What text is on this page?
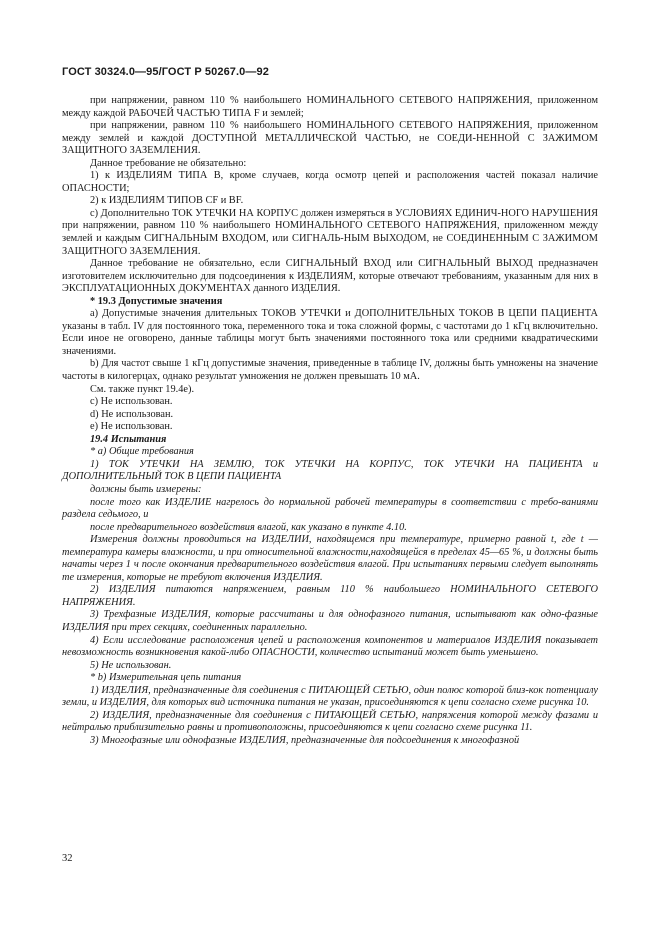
ГОСТ 30324.0—95/ГОСТ Р 50267.0—92

при напряжении, равном 110 % наибольшего НОМИНАЛЬНОГО СЕТЕВОГО НАПРЯЖЕНИЯ, приложенном между каждой РАБОЧЕЙ ЧАСТЬЮ ТИПА F и землей;

при напряжении, равном 110 % наибольшего НОМИНАЛЬНОГО СЕТЕВОГО НАПРЯЖЕНИЯ, приложенном между землей и каждой ДОСТУПНОЙ МЕТАЛЛИЧЕСКОЙ ЧАСТЬЮ, не СОЕДИ-НЕННОЙ С ЗАЖИМОМ ЗАЩИТНОГО ЗАЗЕМЛЕНИЯ.

Данное требование не обязательно:

1) к ИЗДЕЛИЯМ ТИПА В, кроме случаев, когда осмотр цепей и расположения частей показал наличие ОПАСНОСТИ;

2) к ИЗДЕЛИЯМ ТИПОВ CF и BF.

с) Дополнительно ТОК УТЕЧКИ НА КОРПУС должен измеряться в УСЛОВИЯХ ЕДИНИЧ-НОГО НАРУШЕНИЯ при напряжении, равном 110 % наибольшего НОМИНАЛЬНОГО СЕТЕВОГО НАПРЯЖЕНИЯ, приложенном между землей и каждым СИГНАЛЬНЫМ ВХОДОМ, или СИГНАЛЬ-НЫМ ВЫХОДОМ, не СОЕДИНЕННЫМ С ЗАЖИМОМ ЗАЩИТНОГО ЗАЗЕМЛЕНИЯ.

Данное требование не обязательно, если СИГНАЛЬНЫЙ ВХОД или СИГНАЛЬНЫЙ ВЫХОД предназначен изготовителем исключительно для подсоединения к ИЗДЕЛИЯМ, которые отвечают требованиям, указанным для них в ЭКСПЛУАТАЦИОННЫХ ДОКУМЕНТАХ данного ИЗДЕЛИЯ.

* 19.3 Допустимые значения

а) Допустимые значения длительных ТОКОВ УТЕЧКИ и ДОПОЛНИТЕЛЬНЫХ ТОКОВ В ЦЕПИ ПАЦИЕНТА указаны в табл. IV для постоянного тока, переменного тока и тока сложной формы, с частотами до 1 кГц включительно. Если иное не оговорено, данные таблицы могут быть значениями постоянного тока или средними квадратическими значениями.

b) Для частот свыше 1 кГц допустимые значения, приведенные в таблице IV, должны быть умножены на значение частоты в килогерцах, однако результат умножения не должен превышать 10 мА.

См. также пункт 19.4е).

с) Не использован.

d) Не использован.

е) Не использован.

19.4 Испытания

* а) Общие требования

1) ТОК УТЕЧКИ НА ЗЕМЛЮ, ТОК УТЕЧКИ НА КОРПУС, ТОК УТЕЧКИ НА ПАЦИЕНТА и ДОПОЛНИТЕЛЬНЫЙ ТОК В ЦЕПИ ПАЦИЕНТА

должны быть измерены:

после того как ИЗДЕЛИЕ нагрелось до нормальной рабочей температуры в соответствии с требо-ваниями раздела седьмого, и

после предварительного воздействия влагой, как указано в пункте 4.10.

Измерения должны проводиться на ИЗДЕЛИИ, находящемся при температуре, примерно равной t, где t — температура камеры влажности, и при относительной влажности,находящейся в пределах 45—65 %, и должны быть начаты через 1 ч после окончания предварительного воздействия влагой. При испытаниях первыми следует выполнять те измерения, которые не требуют включения ИЗДЕЛИЯ.

2) ИЗДЕЛИЯ питаются напряжением, равным 110 % наибольшего НОМИНАЛЬНОГО СЕТЕВОГО НАПРЯЖЕНИЯ.

3) Трехфазные ИЗДЕЛИЯ, которые рассчитаны и для однофазного питания, испытывают как одно-фазные ИЗДЕЛИЯ при трех секциях, соединенных параллельно.

4) Если исследование расположения цепей и расположения компонентов и материалов ИЗДЕЛИЯ показывает невозможность возникновения какой-либо ОПАСНОСТИ, количество испытаний может быть уменьшено.

5) Не использован.

* b) Измерительная цепь питания

1) ИЗДЕЛИЯ, предназначенные для соединения с ПИТАЮЩЕЙ СЕТЬЮ, один полюс которой близ-кок потенциалу земли, и ИЗДЕЛИЯ, для которых вид источника питания не указан, присоединяются к цепи согласно схеме рисунка 10.

2) ИЗДЕЛИЯ, предназначенные для соединения с ПИТАЮЩЕЙ СЕТЬЮ, напряжения которой между фазами и нейтралью приблизительно равны и противоположны, присоединяются к цепи согласно схеме рисунка 11.

3) Многофазные или однофазные ИЗДЕЛИЯ, предназначенные для подсоединения к многофазной

32
